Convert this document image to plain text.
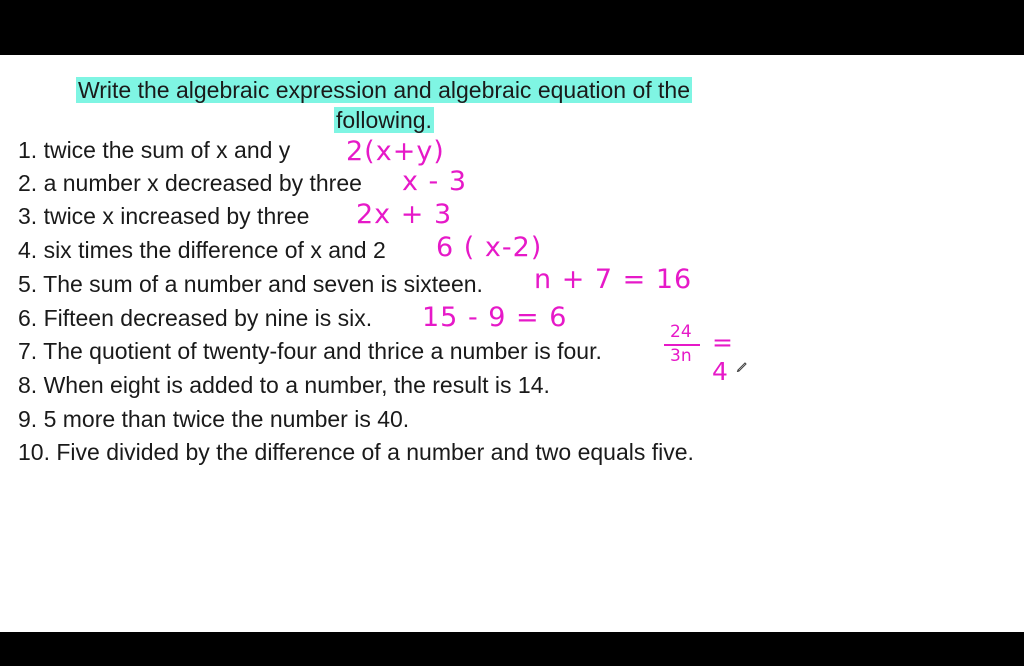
Write the algebraic expression and algebraic equation of the
following.
1. twice the sum of x and y
2. a number x decreased by three
3. twice x increased by three
4. six times the difference of x and 2
5. The sum of a number and seven is sixteen.
6. Fifteen decreased by nine is six.
7. The quotient of twenty-four and thrice a number is four.
8. When eight is added to a number, the result is 14.
9. 5 more than twice the number is 40.
10. Five divided by the difference of a number and two equals five.
2(x+y)
x - 3
2x + 3
6 ( x-2)
n + 7 = 16
15 - 9 = 6	24
3n = 4
